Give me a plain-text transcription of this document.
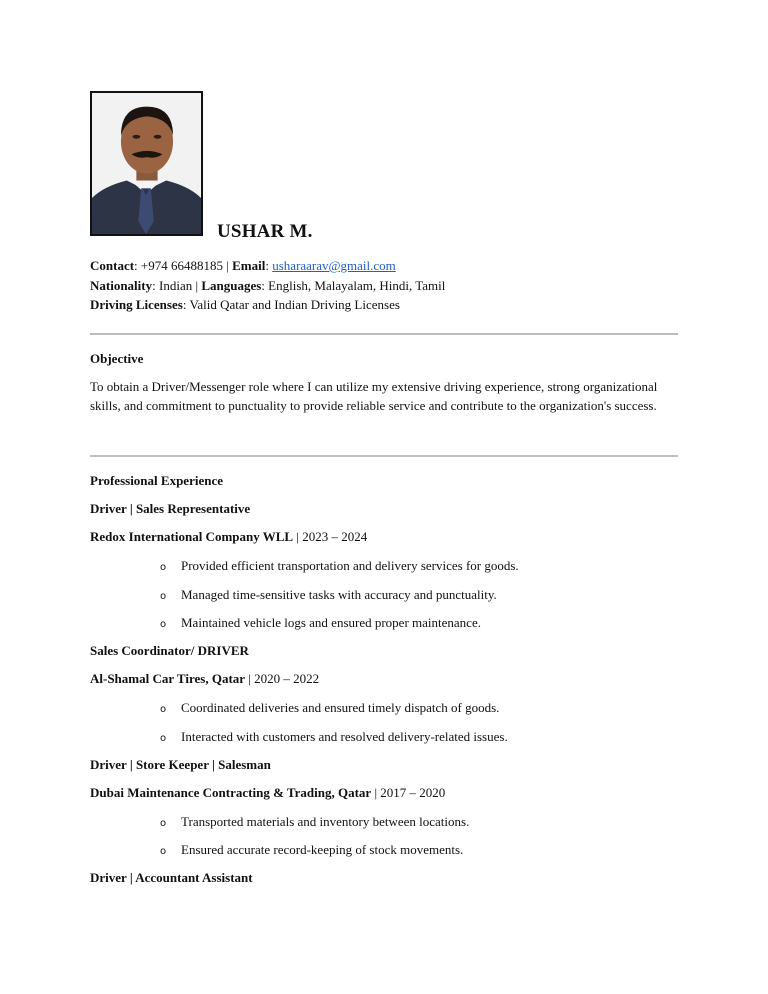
USHAR M.
Contact: +974 66488185 | Email: usharaarav@gmail.com
Nationality: Indian | Languages: English, Malayalam, Hindi, Tamil
Driving Licenses: Valid Qatar and Indian Driving Licenses
Objective
To obtain a Driver/Messenger role where I can utilize my extensive driving experience, strong organizational skills, and commitment to punctuality to provide reliable service and contribute to the organization's success.
Professional Experience
Driver | Sales Representative
Redox International Company WLL | 2023 – 2024
o Provided efficient transportation and delivery services for goods.
o Managed time-sensitive tasks with accuracy and punctuality.
o Maintained vehicle logs and ensured proper maintenance.
Sales Coordinator/ DRIVER
Al-Shamal Car Tires, Qatar | 2020 – 2022
o Coordinated deliveries and ensured timely dispatch of goods.
o Interacted with customers and resolved delivery-related issues.
Driver | Store Keeper | Salesman
Dubai Maintenance Contracting & Trading, Qatar | 2017 – 2020
o Transported materials and inventory between locations.
o Ensured accurate record-keeping of stock movements.
Driver | Accountant Assistant
